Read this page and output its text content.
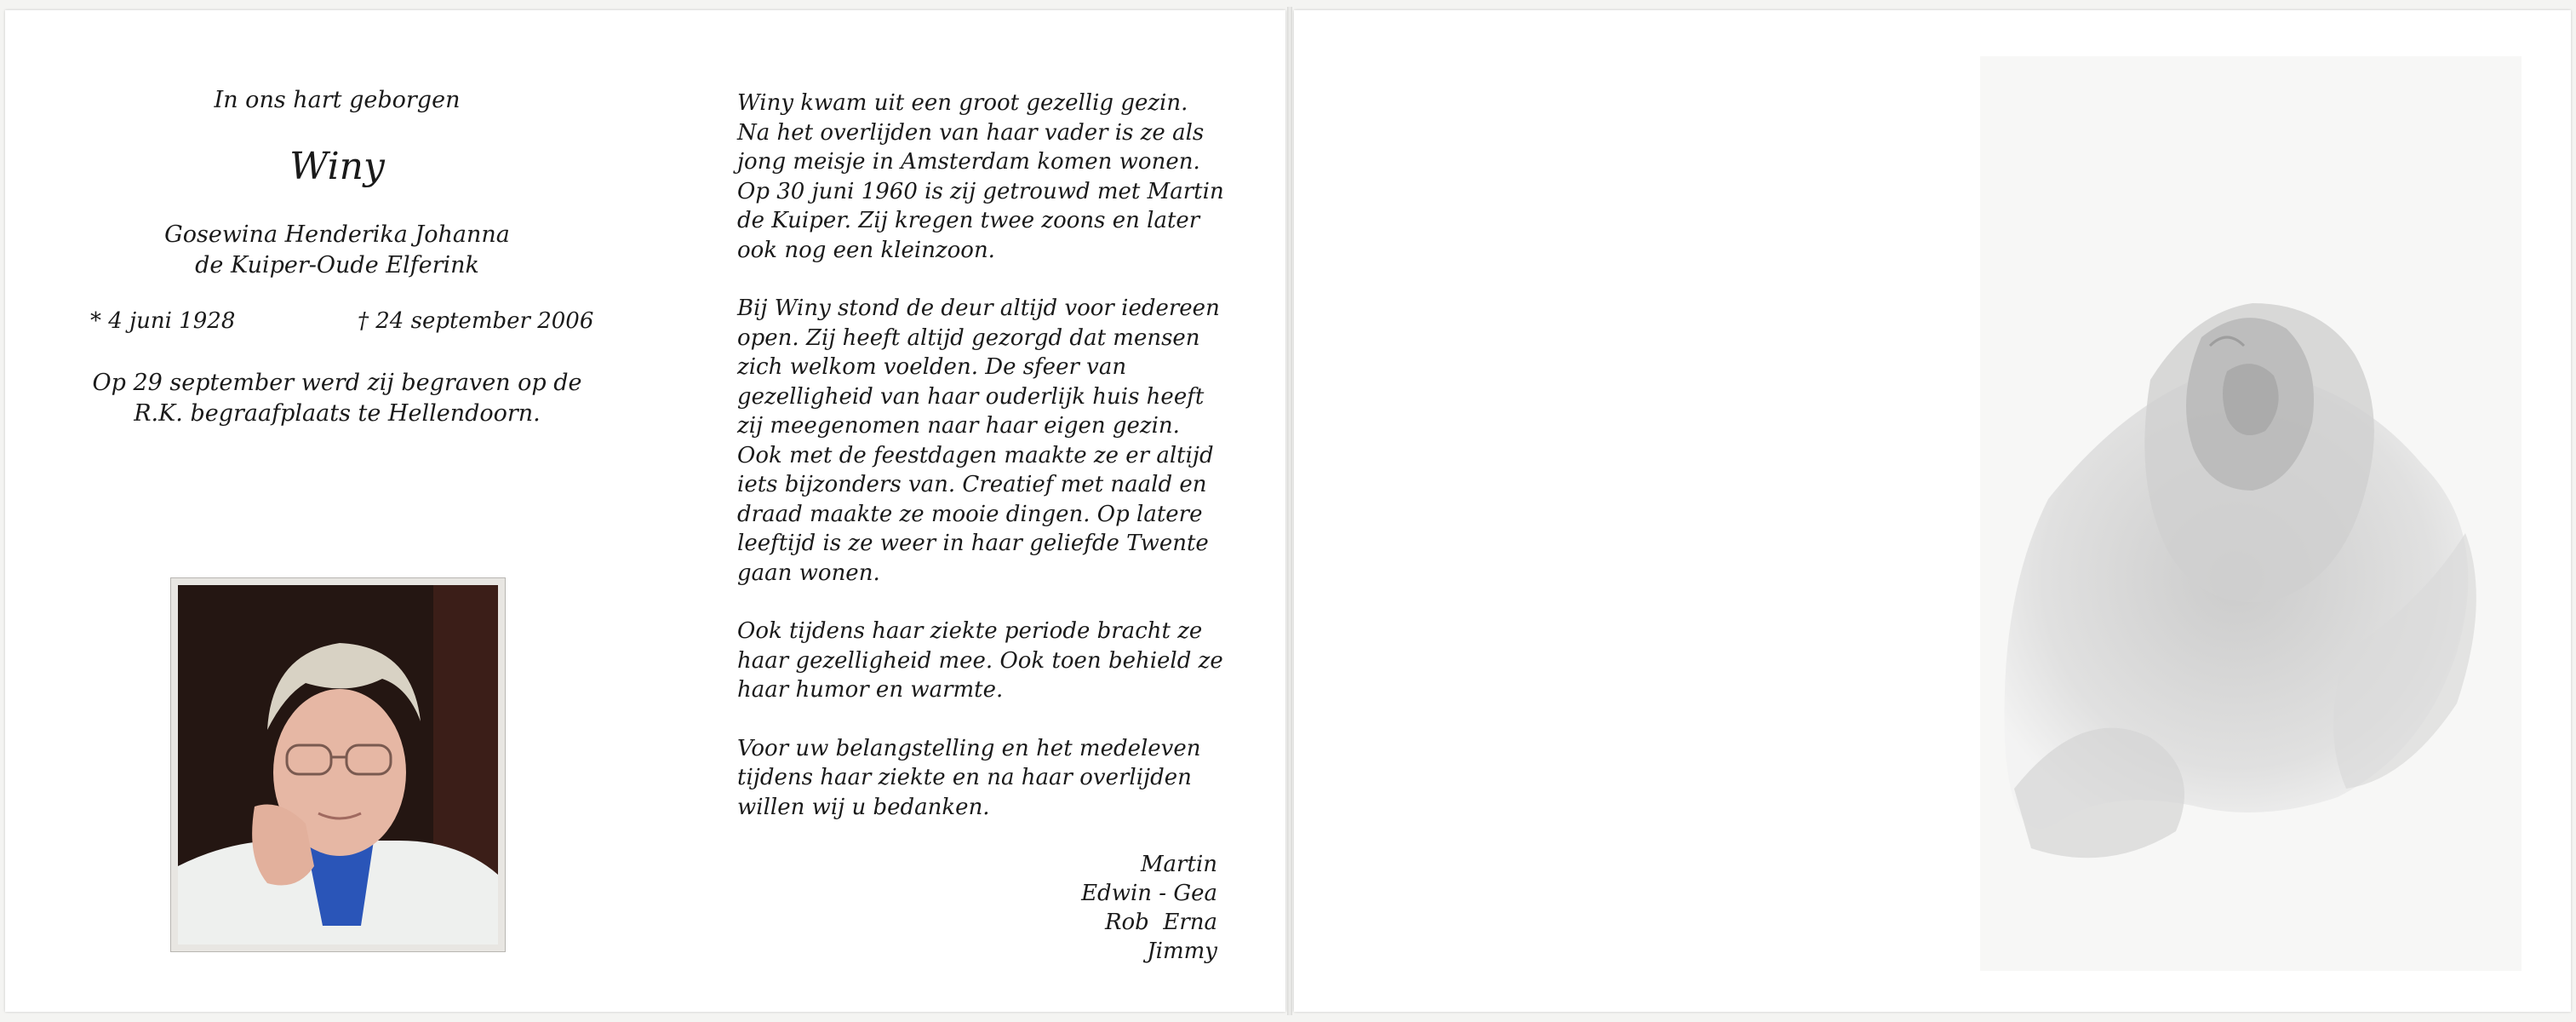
In ons hart geborgen
Winy
Gosewina Henderika Johanna
de Kuiper-Oude Elferink
* 4 juni 1928	† 24 september 2006
Op 29 september werd zij begraven op de
R.K. begraafplaats te Hellendoorn.

Winy kwam uit een groot gezellig gezin.
Na het overlijden van haar vader is ze als
jong meisje in Amsterdam komen wonen.
Op 30 juni 1960 is zij getrouwd met Martin
de Kuiper. Zij kregen twee zoons en later
ook nog een kleinzoon.

Bij Winy stond de deur altijd voor iedereen
open. Zij heeft altijd gezorgd dat mensen
zich welkom voelden. De sfeer van
gezelligheid van haar ouderlijk huis heeft
zij meegenomen naar haar eigen gezin.
Ook met de feestdagen maakte ze er altijd
iets bijzonders van. Creatief met naald en
draad maakte ze mooie dingen. Op latere
leeftijd is ze weer in haar geliefde Twente
gaan wonen.

Ook tijdens haar ziekte periode bracht ze
haar gezelligheid mee. Ook toen behield ze
haar humor en warmte.

Voor uw belangstelling en het medeleven
tijdens haar ziekte en na haar overlijden
willen wij u bedanken.

Martin
Edwin - Gea
Rob  Erna
Jimmy
